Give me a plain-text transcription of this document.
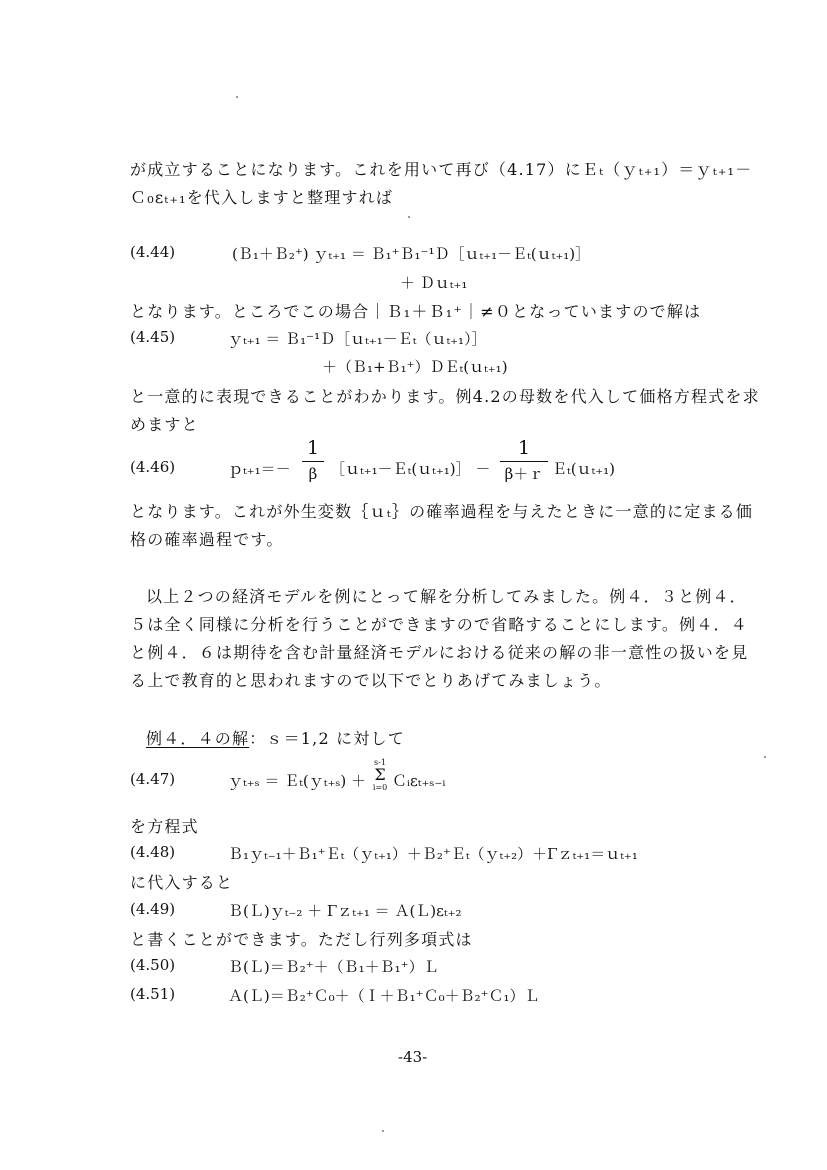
が成立することになります。これを用いて再び（4.17）にＥₜ（ｙₜ₊₁）＝ｙₜ₊₁－
Ｃ₀εₜ₊₁を代入しますと整理すれば
(4.44)	(Ｂ₁＋Ｂ₂⁺) ｙₜ₊₁ ＝ Ｂ₁⁺Ｂ₁⁻¹Ｄ［ｕₜ₊₁－Ｅₜ(ｕₜ₊₁)］
＋ Ｄｕₜ₊₁
となります。ところでこの場合｜Ｂ₁＋Ｂ₁⁺｜≠０となっていますので解は
(4.45)	ｙₜ₊₁ ＝ Ｂ₁⁻¹Ｄ［ｕₜ₊₁－Ｅₜ（ｕₜ₊₁）］
＋（Ｂ₁+Ｂ₁⁺）ＤＥₜ(ｕₜ₊₁)
と一意的に表現できることがわかります。例4.2の母数を代入して価格方程式を求
めますと
(4.46)	ｐₜ₊₁＝－
1
β ［ｕₜ₊₁－Ｅₜ(ｕₜ₊₁)］ －
1
β＋ｒ Ｅₜ(ｕₜ₊₁)
となります。これが外生変数｛ｕₜ｝の確率過程を与えたときに一意的に定まる価
格の確率過程です。
以上２つの経済モデルを例にとって解を分析してみました。例４．３と例４．
５は全く同様に分析を行うことができますので省略することにします。例４．４
と例４．６は期待を含む計量経済モデルにおける従来の解の非一意性の扱いを見
る上で教育的と思われますので以下でとりあげてみましょう。
例４．４の解：ｓ＝1,2 に対して
(4.47)	ｙₜ₊ₛ ＝ Ｅₜ(ｙₜ₊ₛ) ＋
s-1
Σ
i=0 Ｃᵢεₜ₊ₛ₋ᵢ
を方程式
(4.48)	Ｂ₁ｙₜ₋₁＋Ｂ₁⁺Ｅₜ（ｙₜ₊₁）＋Ｂ₂⁺Ｅₜ（ｙₜ₊₂）＋Γｚₜ₊₁＝ｕₜ₊₁
に代入すると
(4.49)	Ｂ(Ｌ)ｙₜ₋₂ ＋ Γｚₜ₊₁ ＝ Ａ(Ｌ)εₜ₊₂
と書くことができます。ただし行列多項式は
(4.50)	Ｂ(Ｌ)＝Ｂ₂⁺＋（Ｂ₁＋Ｂ₁⁺）Ｌ
(4.51)	Ａ(Ｌ)＝Ｂ₂⁺Ｃ₀＋（Ｉ＋Ｂ₁⁺Ｃ₀＋Ｂ₂⁺Ｃ₁）Ｌ
-43-
